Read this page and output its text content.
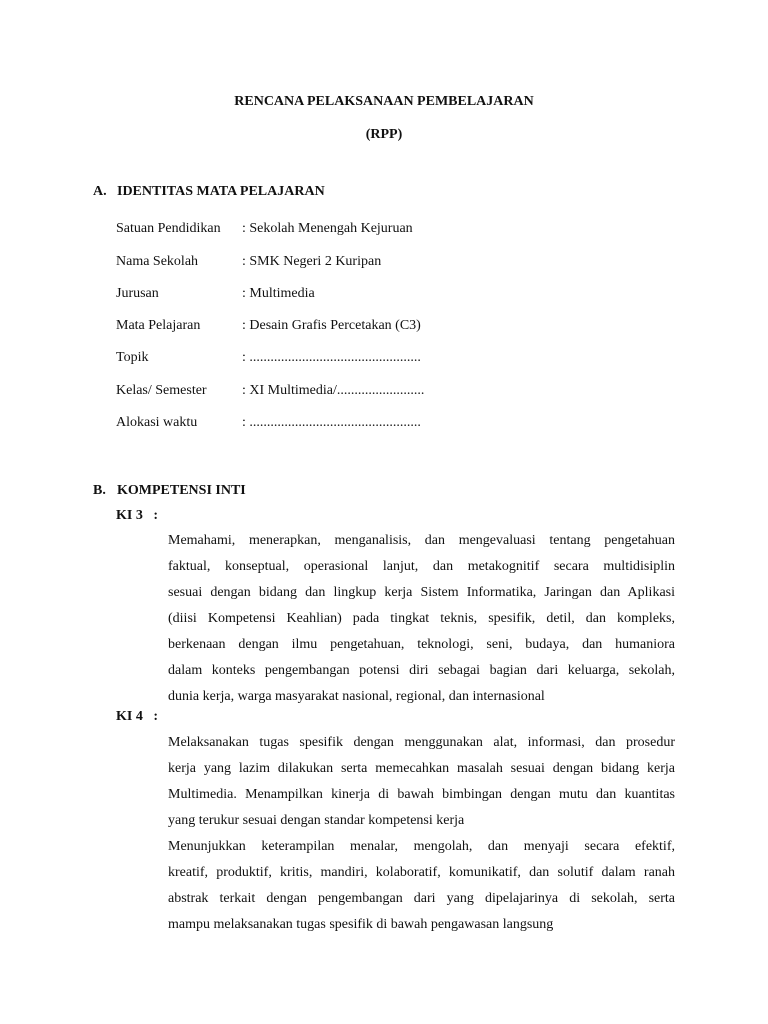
RENCANA PELAKSANAAN PEMBELAJARAN
(RPP)
A. IDENTITAS MATA PELAJARAN
Satuan Pendidikan : Sekolah Menengah Kejuruan
Nama Sekolah	: SMK Negeri 2 Kuripan
Jurusan	: Multimedia
Mata Pelajaran	: Desain Grafis Percetakan (C3)
Topik	: .................................................
Kelas/ Semester	: XI Multimedia/.........................
Alokasi waktu	: .................................................
B. KOMPETENSI INTI
KI 3   :
Memahami, menerapkan, menganalisis, dan mengevaluasi tentang pengetahuan
faktual, konseptual, operasional lanjut, dan metakognitif secara multidisiplin
sesuai dengan bidang dan lingkup kerja Sistem Informatika, Jaringan dan Aplikasi
(diisi Kompetensi Keahlian) pada tingkat teknis, spesifik, detil, dan kompleks,
berkenaan dengan ilmu pengetahuan, teknologi, seni, budaya, dan humaniora
dalam konteks pengembangan potensi diri sebagai bagian dari keluarga, sekolah,
dunia kerja, warga masyarakat nasional, regional, dan internasional
KI 4   :
Melaksanakan tugas spesifik dengan menggunakan alat, informasi, dan prosedur
kerja yang lazim dilakukan serta memecahkan masalah sesuai dengan bidang kerja
Multimedia. Menampilkan kinerja di bawah bimbingan dengan mutu dan kuantitas
yang terukur sesuai dengan standar kompetensi kerja
Menunjukkan keterampilan menalar, mengolah, dan menyaji secara efektif,
kreatif, produktif, kritis, mandiri, kolaboratif, komunikatif, dan solutif dalam ranah
abstrak terkait dengan pengembangan dari yang dipelajarinya di sekolah, serta
mampu melaksanakan tugas spesifik di bawah pengawasan langsung
